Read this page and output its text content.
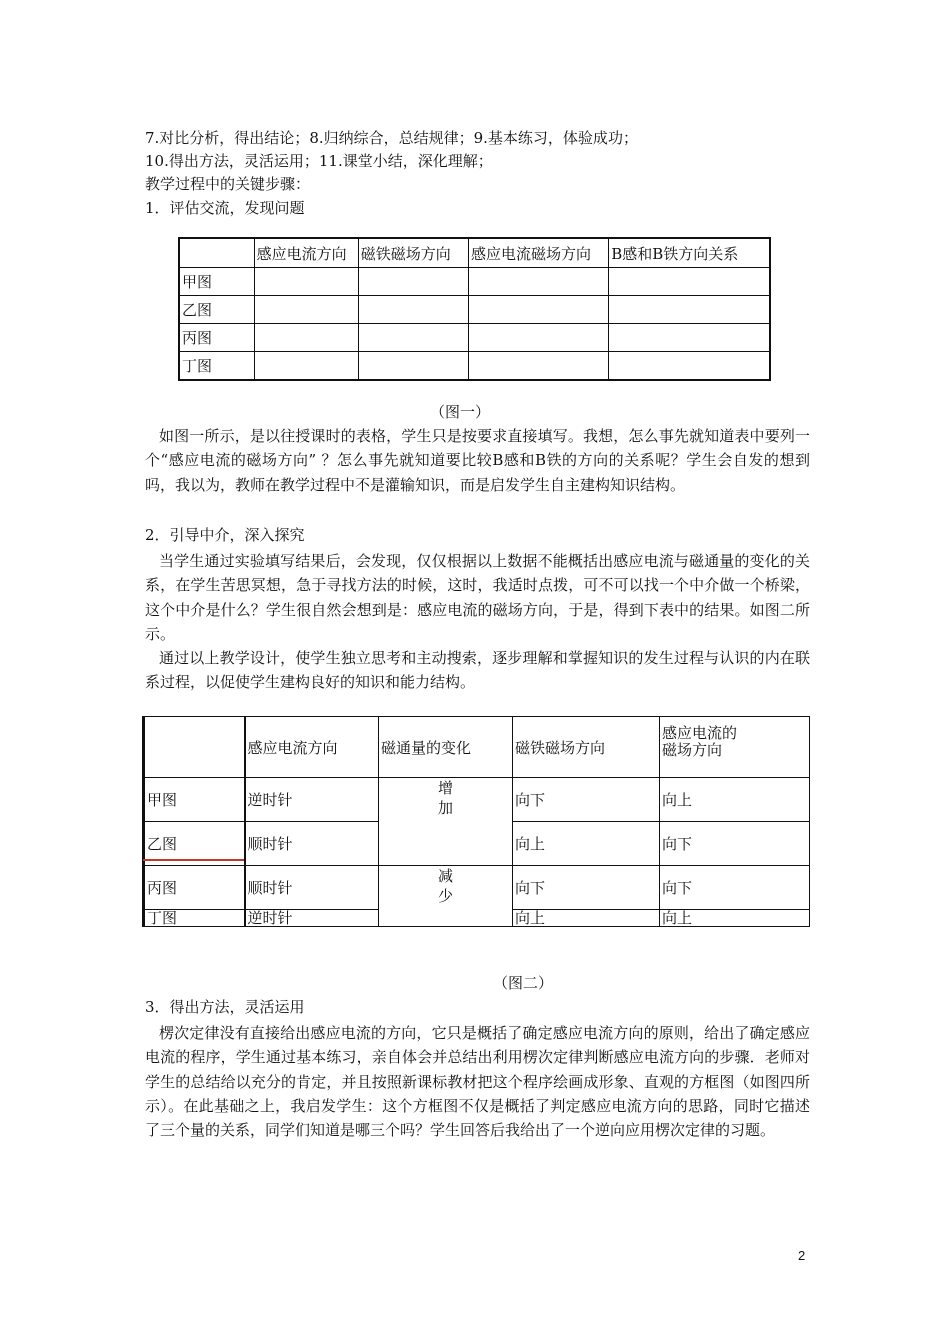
7.对比分析，得出结论；8.归纳综合，总结规律；9.基本练习，体验成功；
10.得出方法，灵活运用；11.课堂小结，深化理解；
教学过程中的关键步骤：
1．评估交流，发现问题
	感应电流方向	磁铁磁场方向	感应电流磁场方向	B感和B铁方向关系
甲图				
乙图				
丙图				
丁图				
（图一）

如图一所示，是以往授课时的表格，学生只是按要求直接填写。我想，怎么事先就知道表中要列一个“感应电流的磁场方向” ？怎么事先就知道要比较B感和B铁的方向的关系呢？学生会自发的想到吗，我以为，教师在教学过程中不是灌输知识，而是启发学生自主建构知识结构。

2．引导中介，深入探究

当学生通过实验填写结果后，会发现，仅仅根据以上数据不能概括出感应电流与磁通量的变化的关系，在学生苦思冥想，急于寻找方法的时候，这时，我适时点拨，可不可以找一个中介做一个桥梁，这个中介是什么？学生很自然会想到是：感应电流的磁场方向，于是，得到下表中的结果。如图二所示。

通过以上教学设计，使学生独立思考和主动搜索，逐步理解和掌握知识的发生过程与认识的内在联系过程，以促使学生建构良好的知识和能力结构。

	感应电流方向	磁通量的变化	磁铁磁场方向	感应电流的
磁场方向

甲图	逆时针	增
加	向下	向上
乙图	顺时针		向上	向下
丙图	顺时针	减
少	向下	向下
丁图	逆时针		向上	向上
（图二）
3．得出方法，灵活运用

楞次定律没有直接给出感应电流的方向，它只是概括了确定感应电流方向的原则，给出了确定感应电流的程序，学生通过基本练习，亲自体会并总结出利用楞次定律判断感应电流方向的步骤．老师对学生的总结给以充分的肯定，并且按照新课标教材把这个程序绘画成形象、直观的方框图（如图四所示）。在此基础之上，我启发学生：这个方框图不仅是概括了判定感应电流方向的思路，同时它描述了三个量的关系，同学们知道是哪三个吗？学生回答后我给出了一个逆向应用楞次定律的习题。

2
